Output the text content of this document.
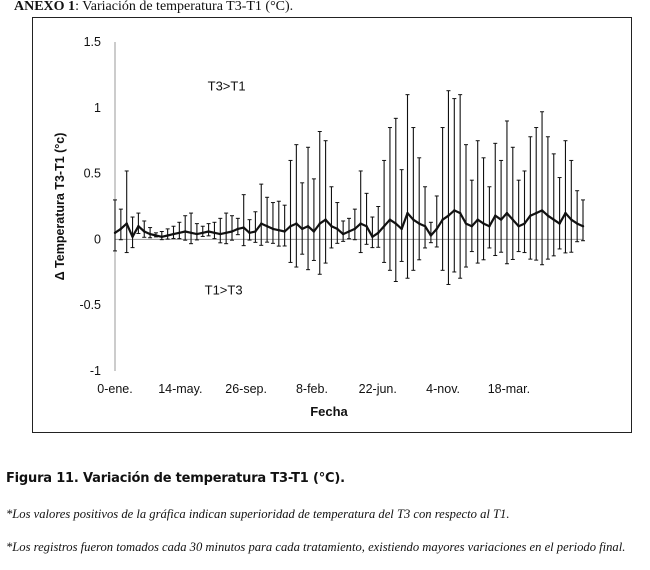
ANEXO 1: Variación de temperatura T3-T1 (°C).
1.5
1
0.5
0
-0.5
-1
0-ene. 14-may. 26-sep. 8-feb. 22-jun. 4-nov. 18-mar.
T3>T1
T1>T3
Δ Temperatura T3-T1 (°c)
Fecha
Figura 11. Variación de temperatura T3-T1 (°C).
*Los valores positivos de la gráfica indican superioridad de temperatura del T3 con respecto al T1.
*Los registros fueron tomados cada 30 minutos para cada tratamiento, existiendo mayores variaciones en el periodo final.
